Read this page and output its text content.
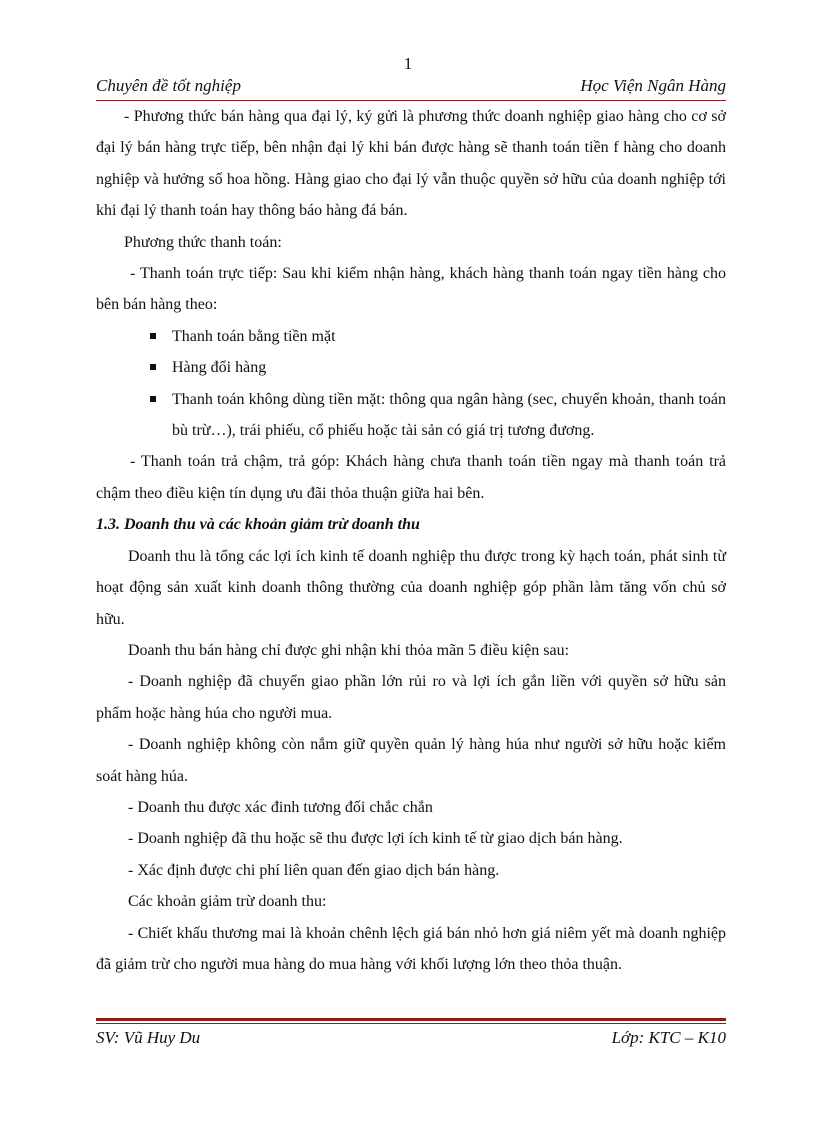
1
Chuyên đề tốt nghiệp	Học Viện Ngân Hàng

- Phương thức bán hàng qua đại lý, ký gửi là phương thức doanh nghiệp giao hàng cho cơ sở đại lý bán hàng trực tiếp, bên nhận đại lý khi bán được hàng sẽ thanh toán tiền f hàng cho doanh nghiệp và hưởng số hoa hồng. Hàng giao cho đại lý vẫn thuộc quyền sở hữu của doanh nghiệp tới khi đại lý thanh toán hay thông báo hàng đá bán.

Phương thức thanh toán:

- Thanh toán trực tiếp: Sau khi kiểm nhận hàng, khách hàng thanh toán ngay tiền hàng cho bên bán hàng theo:

Thanh toán bằng tiền mặt
Hàng đổi hàng
Thanh toán không dùng tiền mặt: thông qua ngân hàng (sec, chuyển khoản, thanh toán bù trừ…), trái phiếu, cổ phiếu hoặc tài sản có giá trị tương đương.

- Thanh toán trả chậm, trả góp: Khách hàng chưa thanh toán tiền ngay mà thanh toán trả chậm theo điều kiện tín dụng ưu đãi thỏa thuận giữa hai bên.

1.3. Doanh thu và các khoản giảm trừ doanh thu

Doanh thu là tổng các lợi ích kinh tế doanh nghiệp thu được trong kỳ hạch toán, phát sinh từ hoạt động sản xuất kinh doanh thông thường của doanh nghiệp góp phần làm tăng vốn chủ sở hữu.

Doanh thu bán hàng chỉ được ghi nhận khi thỏa mãn 5 điều kiện sau:

- Doanh nghiệp đã chuyển giao phần lớn rủi ro và lợi ích gắn liền với quyền sở hữu sản phẩm hoặc hàng húa cho người mua.

- Doanh nghiệp không còn nắm giữ quyền quản lý hàng húa như người sở hữu hoặc kiểm soát hàng húa.

- Doanh thu được xác đinh tương đối chắc chắn

- Doanh nghiệp đã thu hoặc sẽ thu được lợi ích kinh tế từ giao dịch bán hàng.

- Xác định được chi phí liên quan đến giao dịch bán hàng.

Các khoản giảm trừ doanh thu:

- Chiết khấu thương mai là khoản chênh lệch giá bán nhỏ hơn giá niêm yết mà doanh nghiệp đã giảm trừ cho người mua hàng do mua hàng với khối lượng lớn theo thỏa thuận.

SV: Vũ Huy Du	Lớp: KTC – K10
